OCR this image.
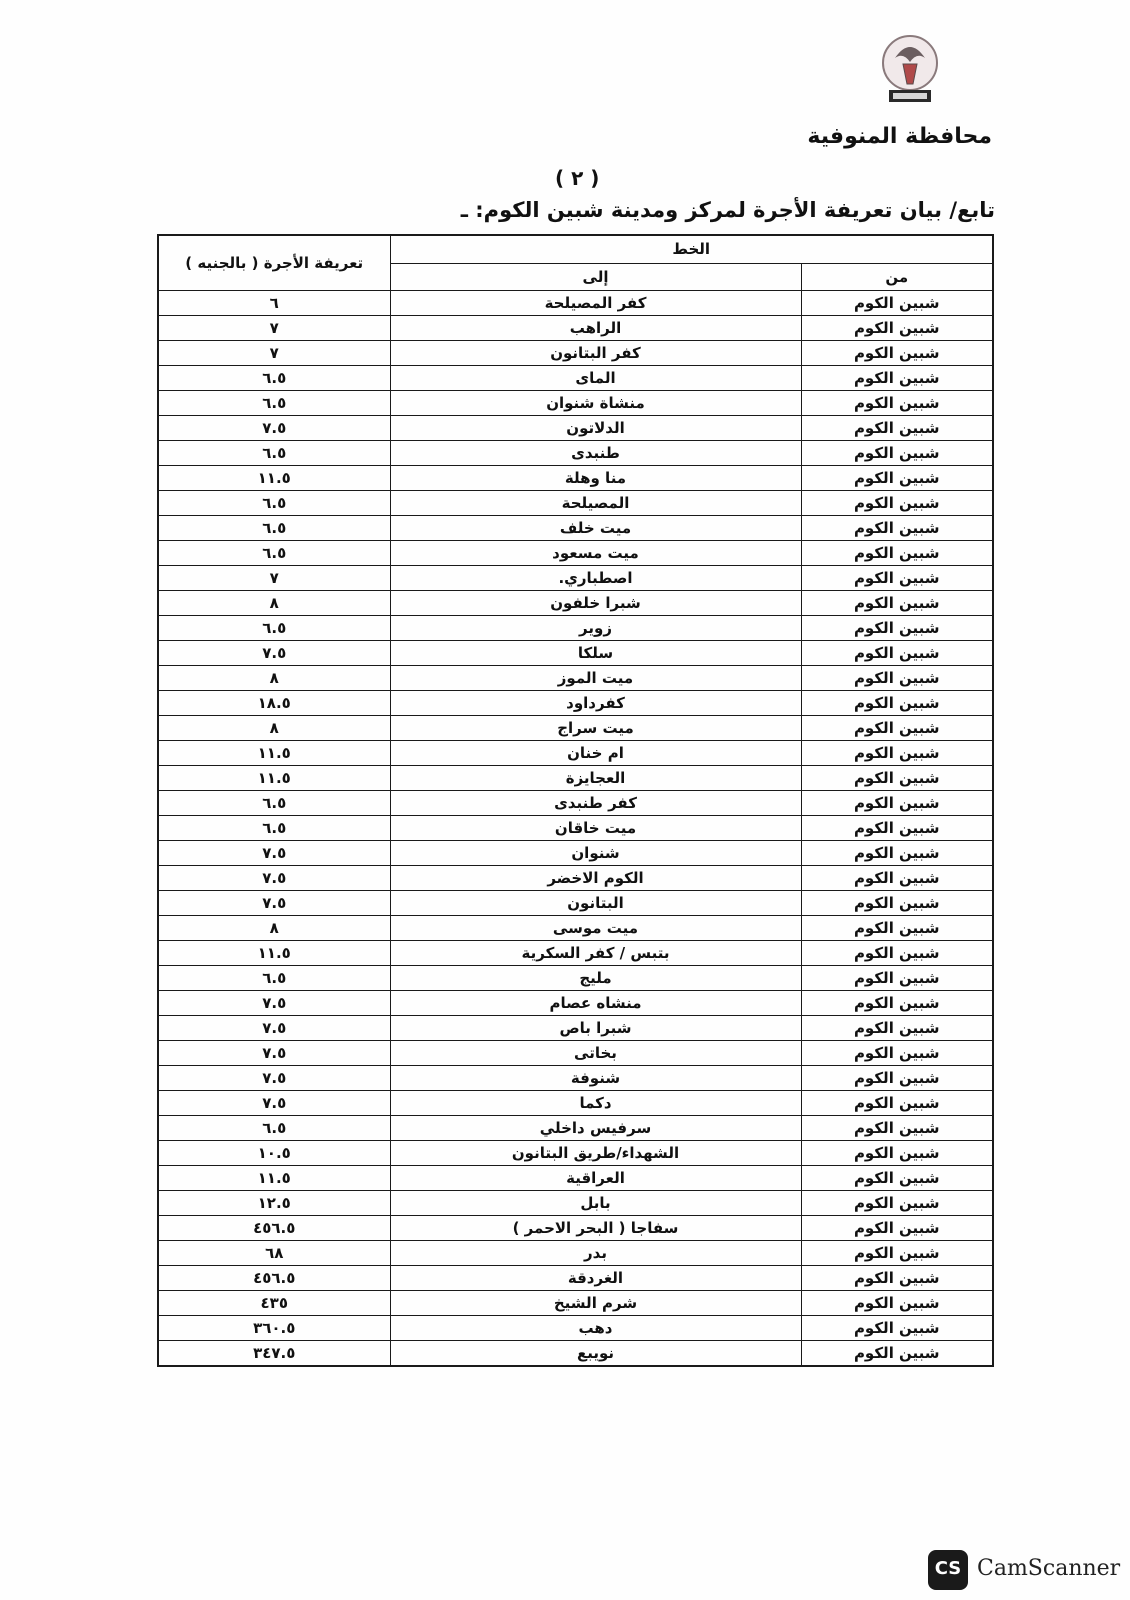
محافظة المنوفية
( ٢ )
تابع/ بيان تعريفة الأجرة لمركز ومدينة شبين الكوم: ـ
الخط		تعريفة الأجرة ( بالجنيه )
من	إلى	
شبين الكوم	كفر المصيلحة	٦
شبين الكوم	الراهب	٧
شبين الكوم	كفر البتانون	٧
شبين الكوم	الماى	٦.٥
شبين الكوم	منشاة شنوان	٦.٥
شبين الكوم	الدلاتون	٧.٥
شبين الكوم	طنبدى	٦.٥
شبين الكوم	منا وهلة	١١.٥
شبين الكوم	المصيلحة	٦.٥
شبين الكوم	ميت خلف	٦.٥
شبين الكوم	ميت مسعود	٦.٥
شبين الكوم	اصطباري.	٧
شبين الكوم	شبرا خلفون	٨
شبين الكوم	زوير	٦.٥
شبين الكوم	سلكا	٧.٥
شبين الكوم	ميت الموز	٨
شبين الكوم	كفرداود	١٨.٥
شبين الكوم	ميت سراج	٨
شبين الكوم	ام خنان	١١.٥
شبين الكوم	العجايزة	١١.٥
شبين الكوم	كفر طنبدى	٦.٥
شبين الكوم	ميت خاقان	٦.٥
شبين الكوم	شنوان	٧.٥
شبين الكوم	الكوم الاخضر	٧.٥
شبين الكوم	البتانون	٧.٥
شبين الكوم	ميت موسى	٨
شبين الكوم	بتبس / كفر السكرية	١١.٥
شبين الكوم	مليج	٦.٥
شبين الكوم	منشاه عصام	٧.٥
شبين الكوم	شبرا باص	٧.٥
شبين الكوم	بخاتى	٧.٥
شبين الكوم	شنوفة	٧.٥
شبين الكوم	دكما	٧.٥
شبين الكوم	سرفيس داخلي	٦.٥
شبين الكوم	الشهداء/طريق البتانون	١٠.٥
شبين الكوم	العراقية	١١.٥
شبين الكوم	بابل	١٢.٥
شبين الكوم	سفاجا ( البحر الاحمر )	٤٥٦.٥
شبين الكوم	بدر	٦٨
شبين الكوم	الغردقة	٤٥٦.٥
شبين الكوم	شرم الشيخ	٤٣٥
شبين الكوم	دهب	٣٦٠.٥
شبين الكوم	نويبع	٣٤٧.٥
CS CamScanner
